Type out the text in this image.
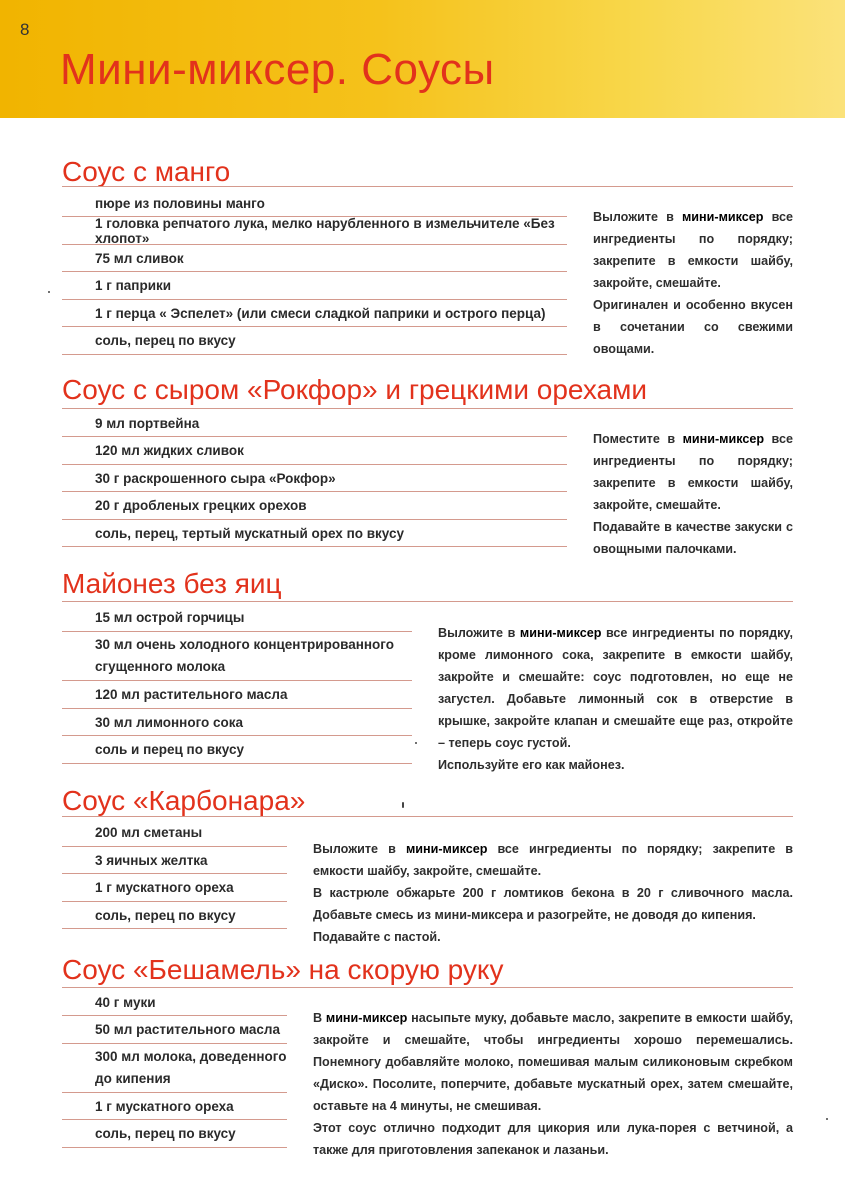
8
Мини-миксер. Соусы
Соус с манго
пюре из половины манго
1 головка репчатого лука, мелко нарубленного в измельчителе «Без хлопот»
75 мл сливок
1 г паприки
1 г перца « Эспелет» (или смеси сладкой паприки и острого перца)
соль, перец по вкусу

Выложите в мини-миксер все ингредиенты по порядку; закрепите в емкости шайбу, закройте, смешайте.

Оригинален и особенно вкусен в сочетании со свежими овощами.

Соус с сыром «Рокфор» и грецкими орехами
9 мл портвейна
120 мл жидких сливок
30 г раскрошенного сыра «Рокфор»
20 г дробленых грецких орехов
соль, перец, тертый мускатный орех по вкусу

Поместите в мини-миксер все ингредиенты по порядку; закрепите в емкости шайбу, закройте, смешайте.

Подавайте в качестве закуски с овощными палочками.

Майонез без яиц
15 мл острой горчицы
30 мл очень холодного концентрированного сгущенного молока
120 мл растительного масла
30 мл лимонного сока
соль и перец по вкусу

Выложите в мини-миксер все ингредиенты по порядку, кроме лимонного сока, закрепите в емкости шайбу, закройте и смешайте: соус подготовлен, но еще не загустел. Добавьте лимонный сок в отверстие в крышке, закройте клапан и смешайте еще раз, откройте – теперь соус густой.

Используйте его как майонез.

Соус «Карбонара»
200 мл сметаны
3 яичных желтка
1 г мускатного ореха
соль, перец по вкусу

Выложите в мини-миксер все ингредиенты по порядку; закрепите в емкости шайбу, закройте, смешайте.

В кастрюле обжарьте 200 г ломтиков бекона в 20 г сливочного масла. Добавьте смесь из мини-миксера и разогрейте, не доводя до кипения.

Подавайте с пастой.

Соус «Бешамель» на скорую руку
40 г муки
50 мл растительного масла
300 мл молока, доведенного до кипения
1 г мускатного ореха
соль, перец по вкусу

В мини-миксер насыпьте муку, добавьте масло, закрепите в емкости шайбу, закройте и смешайте, чтобы ингредиенты хорошо перемешались. Понемногу добавляйте молоко, помешивая малым силиконовым скребком «Диско». Посолите, поперчите, добавьте мускатный орех, затем смешайте, оставьте на 4 минуты, не смешивая.

Этот соус отлично подходит для цикория или лука-порея с ветчиной, а также для приготовления запеканок и лазаньи.
